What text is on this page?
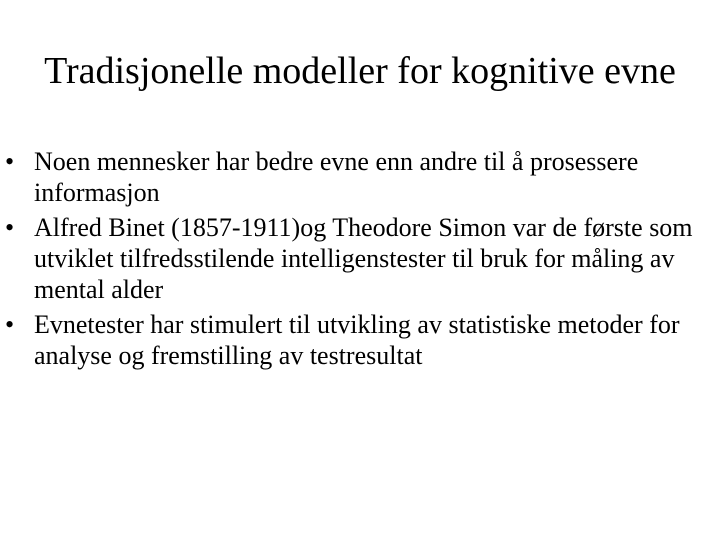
Tradisjonelle modeller for kognitive evne
• Noen mennesker har bedre evne enn andre til å prosessere informasjon
• Alfred Binet (1857-1911)og Theodore Simon var de første som utviklet tilfredsstilende intelligenstester til bruk for måling av mental alder
• Evnetester har stimulert til utvikling av statistiske metoder for analyse og fremstilling av testresultat
